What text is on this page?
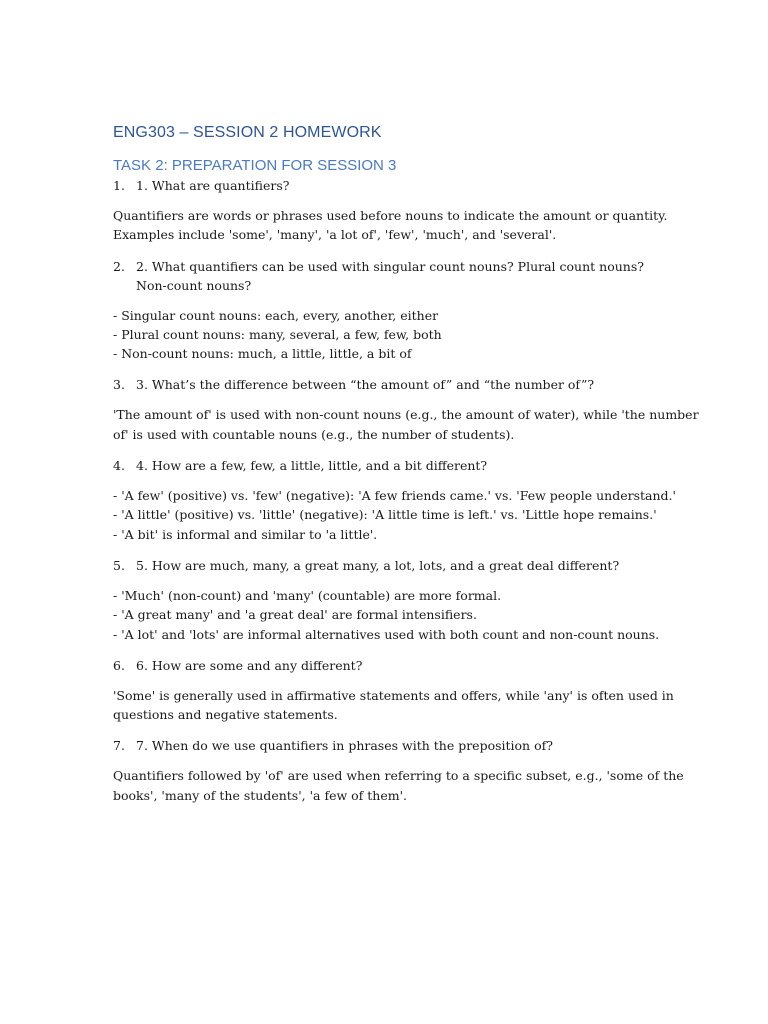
ENG303 – SESSION 2 HOMEWORK
TASK 2: PREPARATION FOR SESSION 3
1. 1. What are quantifiers?
Quantifiers are words or phrases used before nouns to indicate the amount or quantity.
Examples include 'some', 'many', 'a lot of', 'few', 'much', and 'several'.
2. 2. What quantifiers can be used with singular count nouns? Plural count nouns? Non-count nouns?
- Singular count nouns: each, every, another, either
- Plural count nouns: many, several, a few, few, both
- Non-count nouns: much, a little, little, a bit of
3. 3. What’s the difference between “the amount of” and “the number of”?
'The amount of' is used with non-count nouns (e.g., the amount of water), while 'the number
of' is used with countable nouns (e.g., the number of students).
4. 4. How are a few, few, a little, little, and a bit different?
- 'A few' (positive) vs. 'few' (negative): 'A few friends came.' vs. 'Few people understand.'
- 'A little' (positive) vs. 'little' (negative): 'A little time is left.' vs. 'Little hope remains.'
- 'A bit' is informal and similar to 'a little'.
5. 5. How are much, many, a great many, a lot, lots, and a great deal different?
- 'Much' (non-count) and 'many' (countable) are more formal.
- 'A great many' and 'a great deal' are formal intensifiers.
- 'A lot' and 'lots' are informal alternatives used with both count and non-count nouns.
6. 6. How are some and any different?
'Some' is generally used in affirmative statements and offers, while 'any' is often used in
questions and negative statements.
7. 7. When do we use quantifiers in phrases with the preposition of?
Quantifiers followed by 'of' are used when referring to a specific subset, e.g., 'some of the
books', 'many of the students', 'a few of them'.
